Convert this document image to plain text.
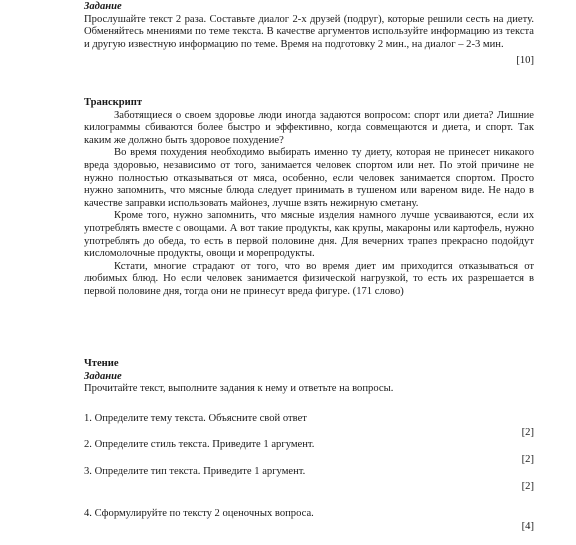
Задание

Прослушайте текст 2 раза. Составьте диалог 2-х друзей (подруг), которые решили сесть на диету. Обменяйтесь мнениями по теме текста. В качестве аргументов используйте информацию из текста и другую известную информацию по теме. Время на подготовку 2 мин., на диалог – 2-3 мин.

[10]
Транскрипт

Заботящиеся о своем здоровье люди иногда задаются вопросом: спорт или диета? Лишние килограммы сбиваются более быстро и эффективно, когда совмещаются и диета, и спорт. Так каким же должно быть здоровое похудение?

Во время похудения необходимо выбирать именно ту диету, которая не принесет никакого вреда здоровью, независимо от того, занимается человек спортом или нет. По этой причине не нужно полностью отказываться от мяса, особенно, если человек занимается спортом. Просто нужно запомнить, что мясные блюда следует принимать в тушеном или вареном виде. Не надо в качестве заправки использовать майонез, лучше взять нежирную сметану.

Кроме того, нужно запомнить, что мясные изделия намного лучше усваиваются, если их употреблять вместе с овощами. А вот такие продукты, как крупы, макароны или картофель, нужно употреблять до обеда, то есть в первой половине дня. Для вечерних трапез прекрасно подойдут кисломолочные продукты, овощи и морепродукты.

Кстати, многие страдают от того, что во время диет им приходится отказываться от любимых блюд. Но если человек занимается физической нагрузкой, то есть их разрешается в первой половине дня, тогда они не принесут вреда фигуре. (171 слово)

Чтение
Задание
Прочитайте текст, выполните задания к нему и ответьте на вопросы.
1. Определите тему текста. Объясните свой ответ
[2]
2. Определите стиль текста. Приведите 1 аргумент.
[2]
3. Определите тип текста. Приведите 1 аргумент.
[2]
4. Сформулируйте по тексту 2 оценочных вопроса.
[4]
